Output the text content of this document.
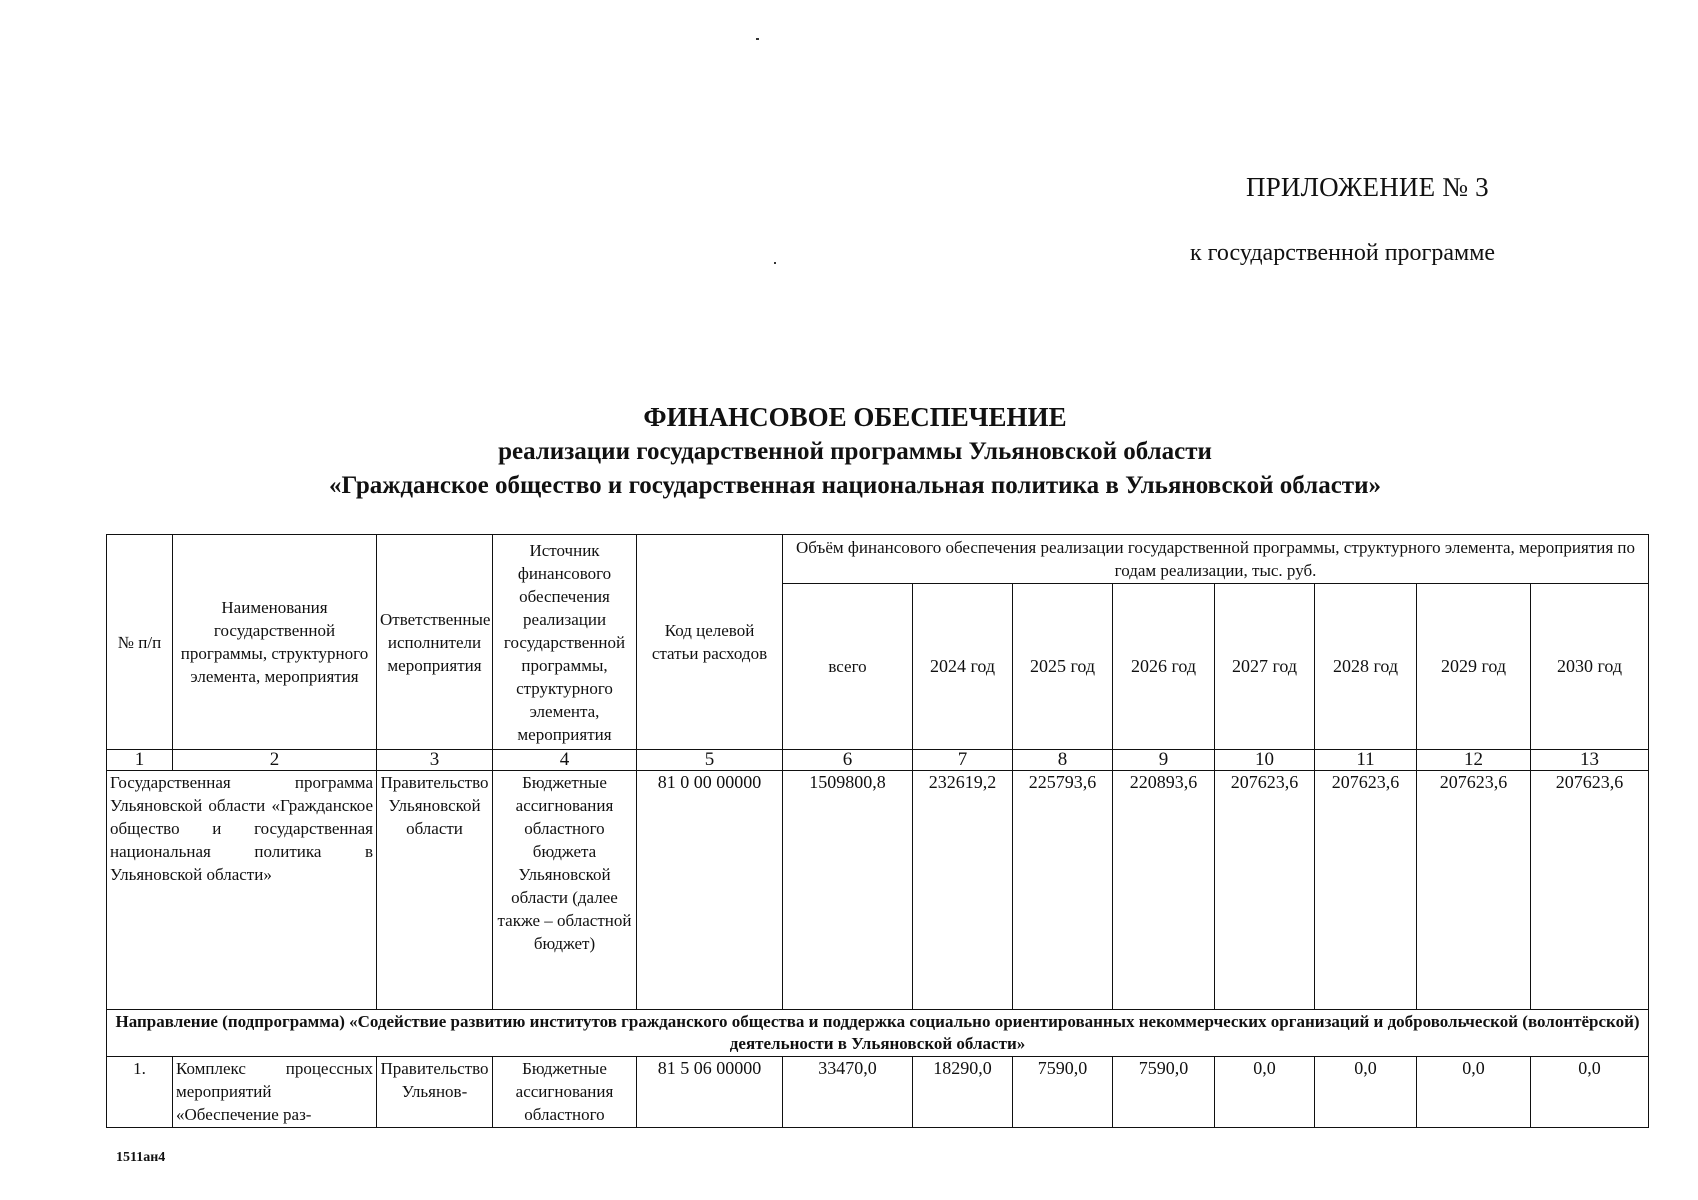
ПРИЛОЖЕНИЕ № 3
к государственной программе
ФИНАНСОВОЕ ОБЕСПЕЧЕНИЕ
реализации государственной программы Ульяновской области
«Гражданское общество и государственная национальная политика в Ульяновской области»
№ п/п	Наименования государственной программы, структурного элемента, мероприятия	Ответственные исполнители мероприятия	Источник финансового обеспечения реализации государственной программы, структурного элемента, мероприятия	Код целевой статьи расходов	Объём финансового обеспечения реализации государственной программы, структурного элемента, мероприятия по годам реализации, тыс. руб.							
					всего	2024 год	2025 год	2026 год	2027 год	2028 год	2029 год	2030 год
1	2	3	4	5	6	7	8	9	10	11	12	13
Государственная программа Ульяновской области «Гражданское общество и государственная национальная политика в Ульяновской области»		Правительство Ульяновской области	Бюджетные ассигнования областного бюджета Ульяновской области (далее также – областной бюджет)	81 0 00 00000	1509800,8	232619,2	225793,6	220893,6	207623,6	207623,6	207623,6	207623,6
Направление (подпрограмма) «Содействие развитию институтов гражданского общества и поддержка социально ориентированных некоммерческих организаций и добровольческой (волонтёрской) деятельности в Ульяновской области»												
1.	Комплекс процессных мероприятий «Обеспечение раз-	Правительство Ульянов-	Бюджетные ассигнования областного	81 5 06 00000	33470,0	18290,0	7590,0	7590,0	0,0	0,0	0,0	0,0
1511ан4
